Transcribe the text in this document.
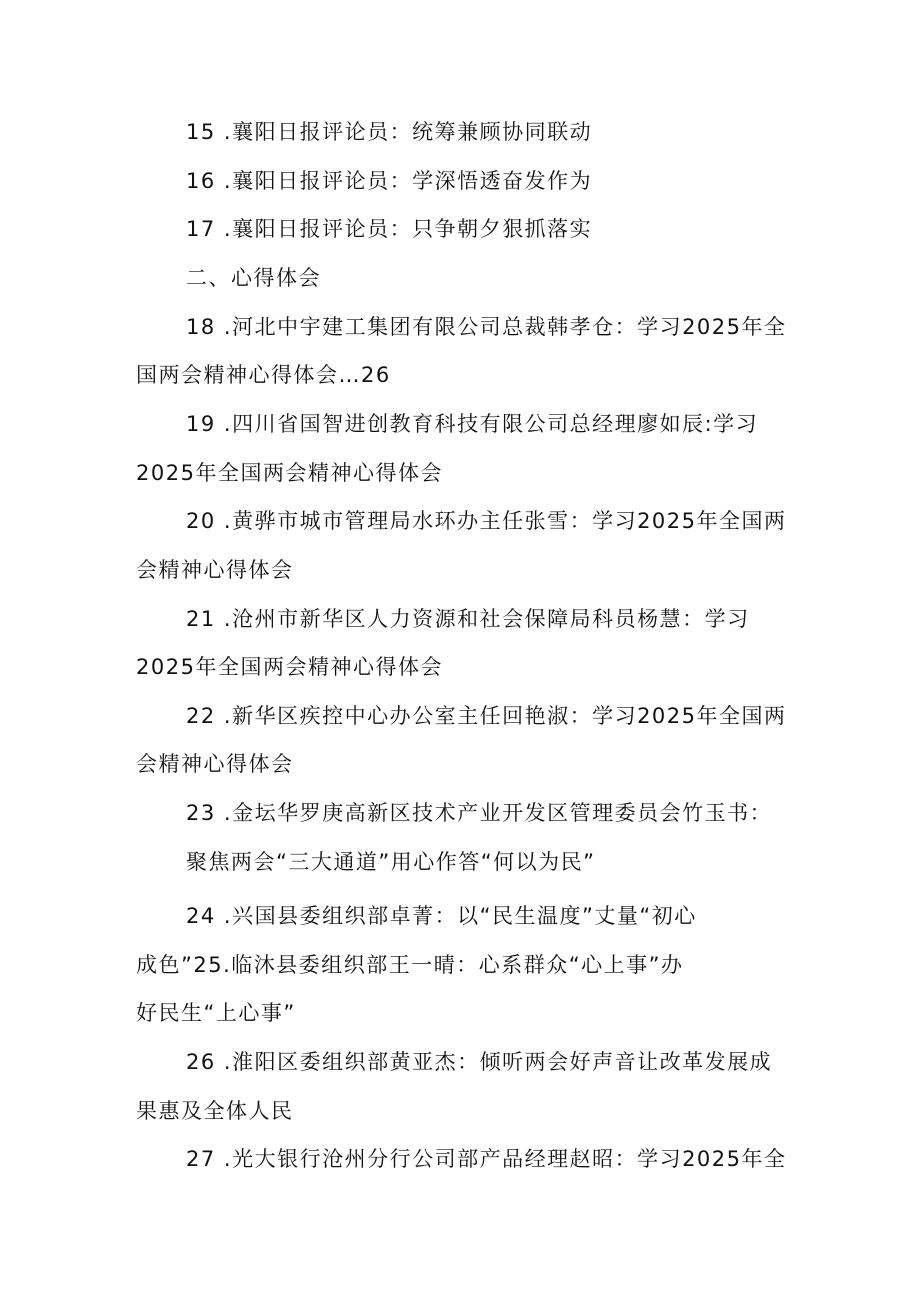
15 .襄阳日报评论员：统筹兼顾协同联动
16 .襄阳日报评论员：学深悟透奋发作为
17 .襄阳日报评论员：只争朝夕狠抓落实
二、心得体会
18 .河北中宇建工集团有限公司总裁韩孝仓：学习2025年全
国两会精神心得体会…26
19 .四川省国智进创教育科技有限公司总经理廖如辰:学习
2025年全国两会精神心得体会
20 .黄骅市城市管理局水环办主任张雪：学习2025年全国两
会精神心得体会
21 .沧州市新华区人力资源和社会保障局科员杨慧：学习
2025年全国两会精神心得体会
22 .新华区疾控中心办公室主任回艳淑：学习2025年全国两
会精神心得体会
23 .金坛华罗庚高新区技术产业开发区管理委员会竹玉书：
聚焦两会“三大通道”用心作答“何以为民”
24 .兴国县委组织部卓菁：以“民生温度”丈量“初心
成色”25.临沐县委组织部王一晴：心系群众“心上事”办
好民生“上心事”
26 .淮阳区委组织部黄亚杰：倾听两会好声音让改革发展成
果惠及全体人民
27 .光大银行沧州分行公司部产品经理赵昭：学习2025年全
